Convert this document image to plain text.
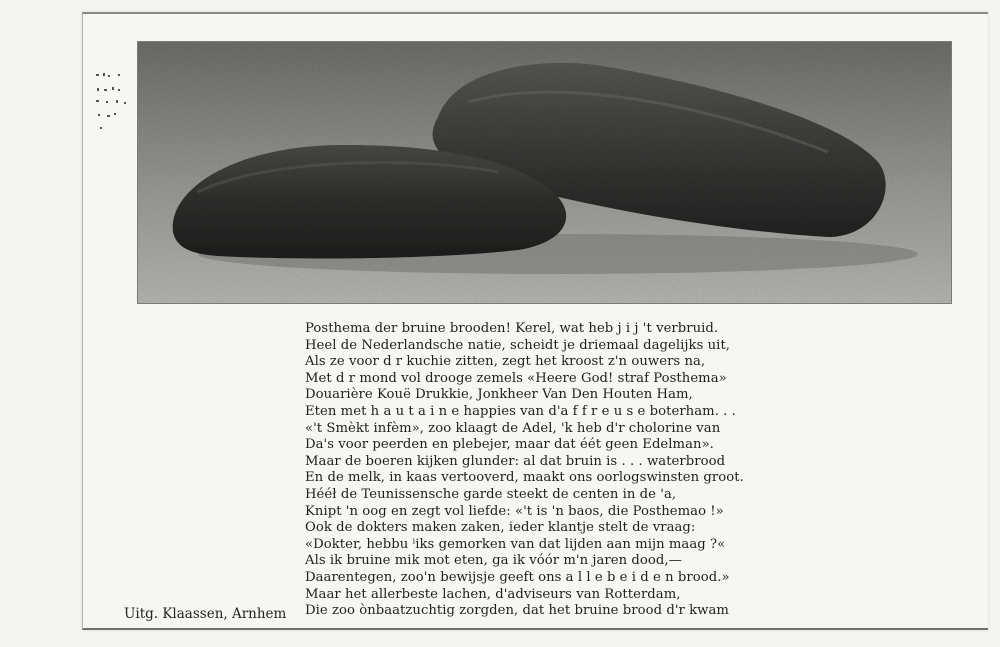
Posthema der bruine brooden! Kerel, wat heb j i j 't verbruid.
Heel de Nederlandsche natie, scheidt je driemaal dagelijks uit,
Als ze voor d r kuchie zitten, zegt het kroost z'n ouwers na,
Met d r mond vol drooge zemels «Heere God! straf Posthema»
Douarière Kouë Drukkie, Jonkheer Van Den Houten Ham,
Eten met h a u t a i n e happies van d'a f f r e u s e boterham. . .
«'t Smèkt infèm», zoo klaagt de Adel, 'k heb d'r cholorine van
Da's voor peerden en plebejer, maar dat éét geen Edelman».
Maar de boeren kijken glunder: al dat bruin is . . . waterbrood
En de melk, in kaas vertooverd, maakt ons oorlogswinsten groot.
Hééł de Teunissensche garde steekt de centen in de 'a,
Knipt 'n oog en zegt vol liefde: «'t is 'n baos, die Posthemao !»
Ook de dokters maken zaken, ieder klantje stelt de vraag:
«Dokter, hebbu ⁱiks gemorken van dat lijden aan mijn maag ?«
Als ik bruine mik mot eten, ga ik vóór m'n jaren dood,—
Daarentegen, zoo'n bewijsje geeft ons a l l e b e i d e n brood.»
Maar het allerbeste lachen, d'adviseurs van Rotterdam,
Die zoo ònbaatzuchtig zorgden, dat het bruine brood d'r kwam
Uitg. Klaassen, Arnhem
